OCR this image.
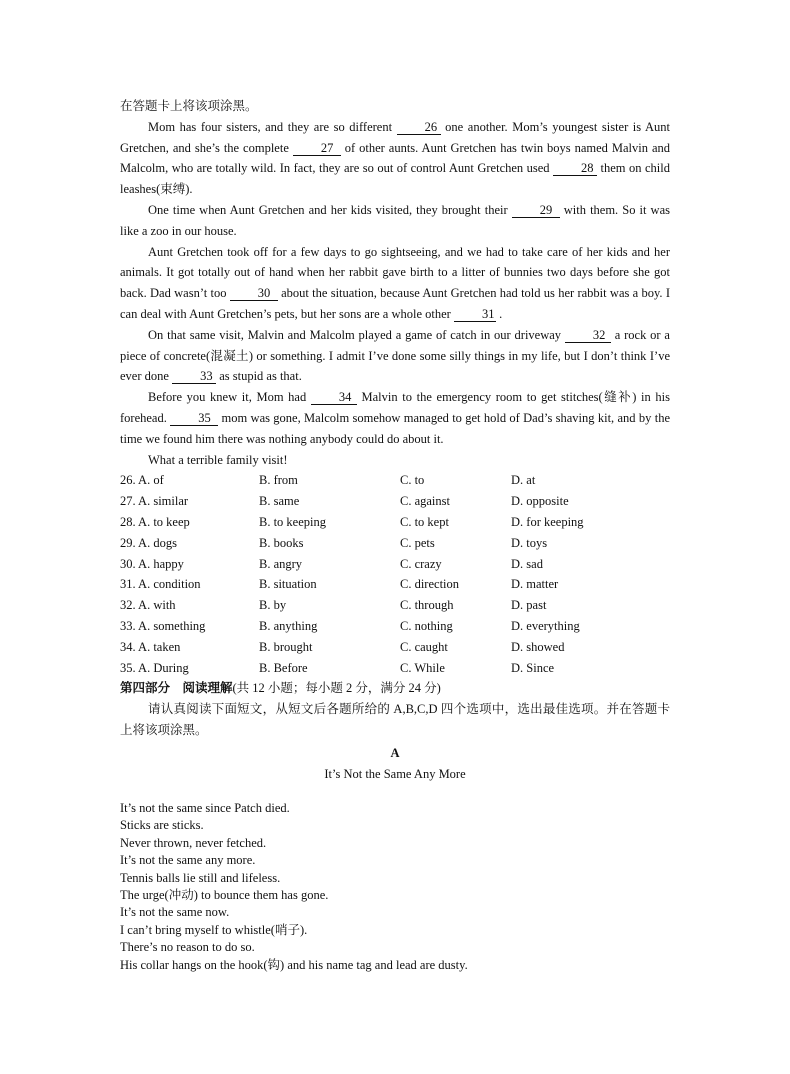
在答题卡上将该项涂黑。

Mom has four sisters, and they are so different 26 one another. Mom’s youngest sister is Aunt Gretchen, and she’s the complete 27 of other aunts. Aunt Gretchen has twin boys named Malvin and Malcolm, who are totally wild. In fact, they are so out of control Aunt Gretchen used 28 them on child leashes(束缚).

One time when Aunt Gretchen and her kids visited, they brought their 29 with them. So it was like a zoo in our house.

Aunt Gretchen took off for a few days to go sightseeing, and we had to take care of her kids and her animals. It got totally out of hand when her rabbit gave birth to a litter of bunnies two days before she got back. Dad wasn’t too 30 about the situation, because Aunt Gretchen had told us her rabbit was a boy. I can deal with Aunt Gretchen’s pets, but her sons are a whole other 31 .

On that same visit, Malvin and Malcolm played a game of catch in our driveway 32 a rock or a piece of concrete(混凝土) or something. I admit I’ve done some silly things in my life, but I don’t think I’ve ever done 33 as stupid as that.

Before you knew it, Mom had 34 Malvin to the emergency room to get stitches(缝补) in his forehead. 35 mom was gone, Malcolm somehow managed to get hold of Dad’s shaving kit, and by the time we found him there was nothing anybody could do about it.

What a terrible family visit!

26. A. of	B. from	C. to	D. at
27. A. similar	B. same	C. against	D. opposite
28. A. to keep	B. to keeping	C. to kept	D. for keeping
29. A. dogs	B. books	C. pets	D. toys
30. A. happy	B. angry	C. crazy	D. sad
31. A. condition	B. situation	C. direction	D. matter
32. A. with	B. by	C. through	D. past
33. A. something	B. anything	C. nothing	D. everything
34. A. taken	B. brought	C. caught	D. showed
35. A. During	B. Before	C. While	D. Since

第四部分　阅读理解(共 12 小题；每小题 2 分，满分 24 分)

请认真阅读下面短文，从短文后各题所给的 A,B,C,D 四个选项中，选出最佳选项。并在答题卡上将该项涂黑。

A
It’s Not the Same Any More
It’s not the same since Patch died.
Sticks are sticks.
Never thrown, never fetched.
It’s not the same any more.
Tennis balls lie still and lifeless.
The urge(冲动) to bounce them has gone.
It’s not the same now.
I can’t bring myself to whistle(哨子).
There’s no reason to do so.
His collar hangs on the hook(钩) and his name tag and lead are dusty.
